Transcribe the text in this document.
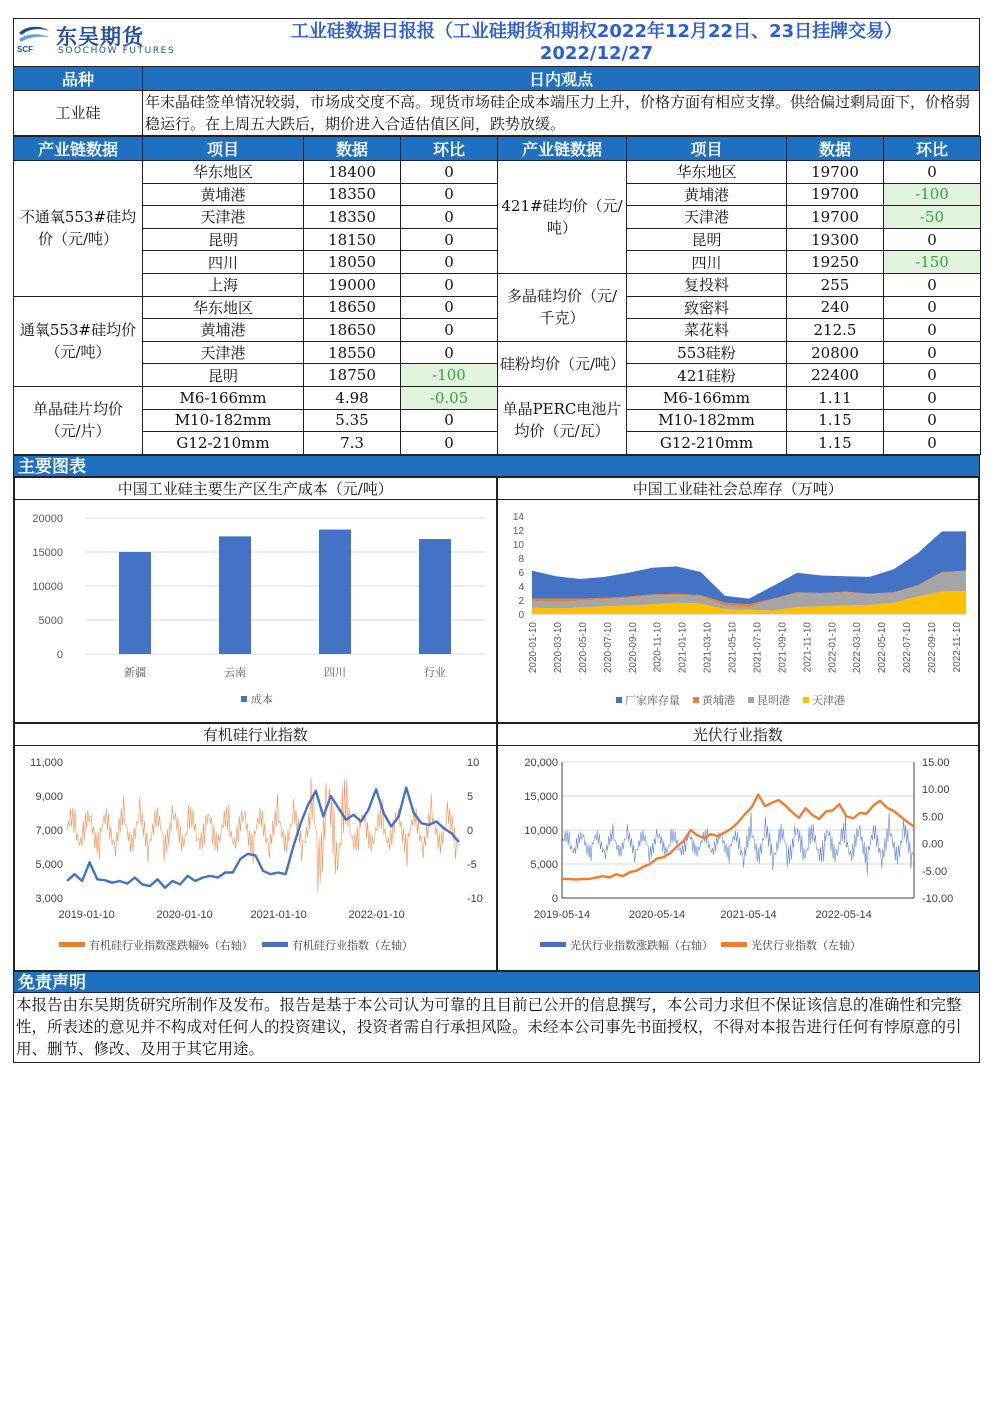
SCF
东吴期货
SOOCHOW FUTURES
工业硅数据日报报（工业硅期货和期权2022年12月22日、23日挂牌交易）
2022/12/27
品种	日内观点
工业硅	年末晶硅签单情况较弱，市场成交度不高。现货市场硅企成本端压力上升，价格方面有相应支撑。供给偏过剩局面下，价格弱稳运行。在上周五大跌后，期价进入合适估值区间，跌势放缓。
产业链数据	项目	数据	环比	产业链数据	项目	数据	环比
不通氧553#硅均价（元/吨）	华东地区	18400	0	421#硅均价（元/吨）	华东地区	19700	0
	黄埔港	18350	0		黄埔港	19700	-100
	天津港	18350	0		天津港	19700	-50
	昆明	18150	0		昆明	19300	0
	四川	18050	0		四川	19250	-150
	上海	19000	0	多晶硅均价（元/千克）	复投料	255	0
通氧553#硅均价（元/吨）	华东地区	18650	0		致密料	240	0
	黄埔港	18650	0		菜花料	212.5	0
	天津港	18550	0	硅粉均价（元/吨）	553硅粉	20800	0
	昆明	18750	-100		421硅粉	22400	0
单晶硅片均价（元/片）	M6-166mm	4.98	-0.05	单晶PERC电池片均价（元/瓦）	M6-166mm	1.11	0
	M10-182mm	5.35	0		M10-182mm	1.15	0
	G12-210mm	7.3	0		G12-210mm	1.15	0
主要图表
中国工业硅主要生产区生产成本（元/吨）
0
5000
10000
15000
20000
新疆	云南	四川	行业
成本
中国工业硅社会总库存（万吨）
0
2
4
6
8
10
12
14
2020-01-10 2020-03-10 2020-05-10 2020-07-10 2020-09-10 2020-11-10 2021-01-10 2021-03-10 2021-05-10 2021-07-10 2021-09-10 2021-11-10 2022-01-10 2022-03-10 2022-05-10 2022-07-10 2022-09-10 2022-11-10
厂家库存量 黄埔港 昆明港 天津港
有机硅行业指数
3,000
5,000
7,000
9,000
11,000
-10
-5
0
5
10
2019-01-10	2020-01-10	2021-01-10	2022-01-10
有机硅行业指数涨跌幅%（右轴）	有机硅行业指数（左轴）
光伏行业指数
0
5,000
10,000
15,000
20,000
-10.00
-5.00
0.00
5.00
10.00
15.00
2019-05-14	2020-05-14	2021-05-14	2022-05-14
光伏行业指数涨跌幅（右轴）	光伏行业指数（左轴）
免责声明
本报告由东吴期货研究所制作及发布。报告是基于本公司认为可靠的且目前已公开的信息撰写，本公司力求但不保证该信息的准确性和完整性，所表述的意见并不构成对任何人的投资建议，投资者需自行承担风险。未经本公司事先书面授权，不得对本报告进行任何有悖原意的引用、删节、修改、及用于其它用途。
